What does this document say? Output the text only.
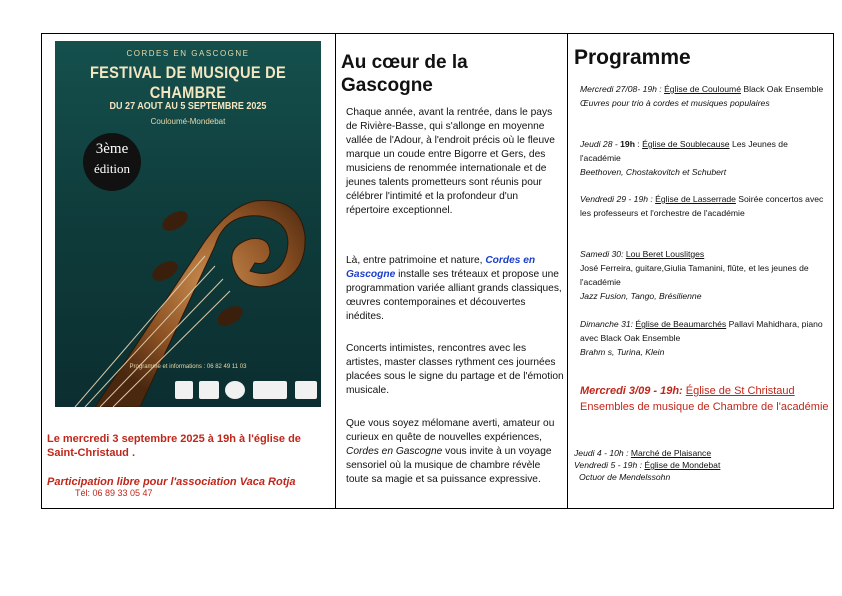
CORDES EN GASCOGNE
FESTIVAL DE MUSIQUE DE CHAMBRE
DU 27 AOUT AU 5 SEPTEMBRE 2025
Couloumé-Mondebat
3ème
édition
Programme et informations : 06 82 49 11 03
Le mercredi 3 septembre 2025 à 19h à l'église de Saint-Christaud .
Participation libre pour l'association Vaca Rotja
Tél: 06 89 33 05 47
Au cœur de la Gascogne
Chaque année, avant la rentrée, dans le pays de Rivière-Basse, qui s'allonge en moyenne vallée de l'Adour, à l'endroit précis où le fleuve marque un coude entre Bigorre et Gers, des musiciens de renommée internationale et de jeunes talents prometteurs sont réunis pour célébrer l'intimité et la profondeur d'un répertoire exceptionnel.
Là, entre patrimoine et nature, Cordes en Gascogne installe ses tréteaux et propose une programmation variée alliant grands classiques, œuvres contemporaines et découvertes inédites.
Concerts intimistes, rencontres avec les artistes, master classes rythment ces journées placées sous le signe du partage et de l'émotion musicale.
Que vous soyez mélomane averti, amateur ou curieux en quête de nouvelles expériences, Cordes en Gascogne vous invite à un voyage sensoriel où la musique de chambre révèle toute sa magie et sa puissance expressive.
Programme
Mercredi 27/08- 19h : Église de Couloumé Black Oak Ensemble
Œuvres pour trio à cordes et musiques populaires
Jeudi 28 - 19h : Église de Soublecause Les Jeunes de l'académie
Beethoven, Chostakovitch et Schubert
Vendredi 29 - 19h : Église de Lasserrade Soirée concertos avec les professeurs et l'orchestre de l'académie
Samedi 30: Lou Beret Louslitges
José Ferreira, guitare,Giulia Tamanini, flûte, et les jeunes de l'académie
Jazz Fusion, Tango, Brésilienne
Dimanche 31: Église de Beaumarchés Pallavi Mahidhara, piano
avec Black Oak Ensemble
Brahm s, Turina, Klein
Mercredi 3/09 - 19h: Église de St Christaud
Ensembles de musique de Chambre de l'académie
Jeudi 4 - 10h : Marché de Plaisance
Vendredi 5 - 19h : Église de Mondebat
Octuor de Mendelssohn
